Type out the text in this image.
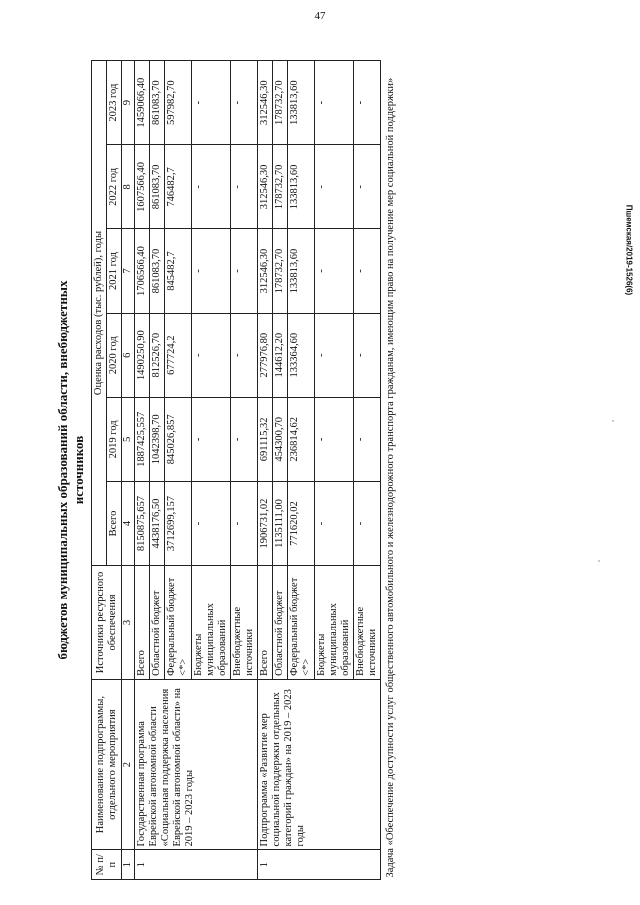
47
бюджетов муниципальных образований области, внебюджетных источников
№ п/п	Наименование подпрограммы, отдельного мероприятия	Источники ресурсного обеспечения	Оценка расходов (тыс. рублей), годы					
			Всего	2019 год	2020 год	2021 год	2022 год	2023 год
1	2	3	4	5	6	7	8	9
1	Государственная программа Еврейской автономной области «Социальная поддержка населения Еврейской автономной области» на 2019 – 2023 годы	Всего	8150875,657	1887425,557	1490250,90	1706566,40	1607566,40	1459066,40
		Областной бюджет	4438176,50	1042398,70	812526,70	861083,70	861083,70	861083,70
		Федеральный бюджет <*>	3712699,157	845026,857	677724,2	845482,7	746482,7	597982,70
		Бюджеты муниципальных образований	-	-	-	-	-	-
		Внебюджетные источники	-	-	-	-	-	-
1	Подпрограмма «Развитие мер социальной поддержки отдельных категорий граждан» на 2019 – 2023 годы	Всего	1906731,02	691115,32	277976,80	312546,30	312546,30	312546,30
		Областной бюджет	1135111,00	454300,70	144612,20	178732,70	178732,70	178732,70
		Федеральный бюджет <*>	771620,02	236814,62	133364,60	133813,60	133813,60	133813,60
		Бюджеты муниципальных образований	-	-	-	-	-	-
		Внебюджетные источники	-	-	-	-	-	-
Задача «Обеспечение доступности услуг общественного автомобильного и железнодорожного транспорта гражданам, имеющим право на получение мер социальной поддержки»									Пшемская/2019-1526(6)
